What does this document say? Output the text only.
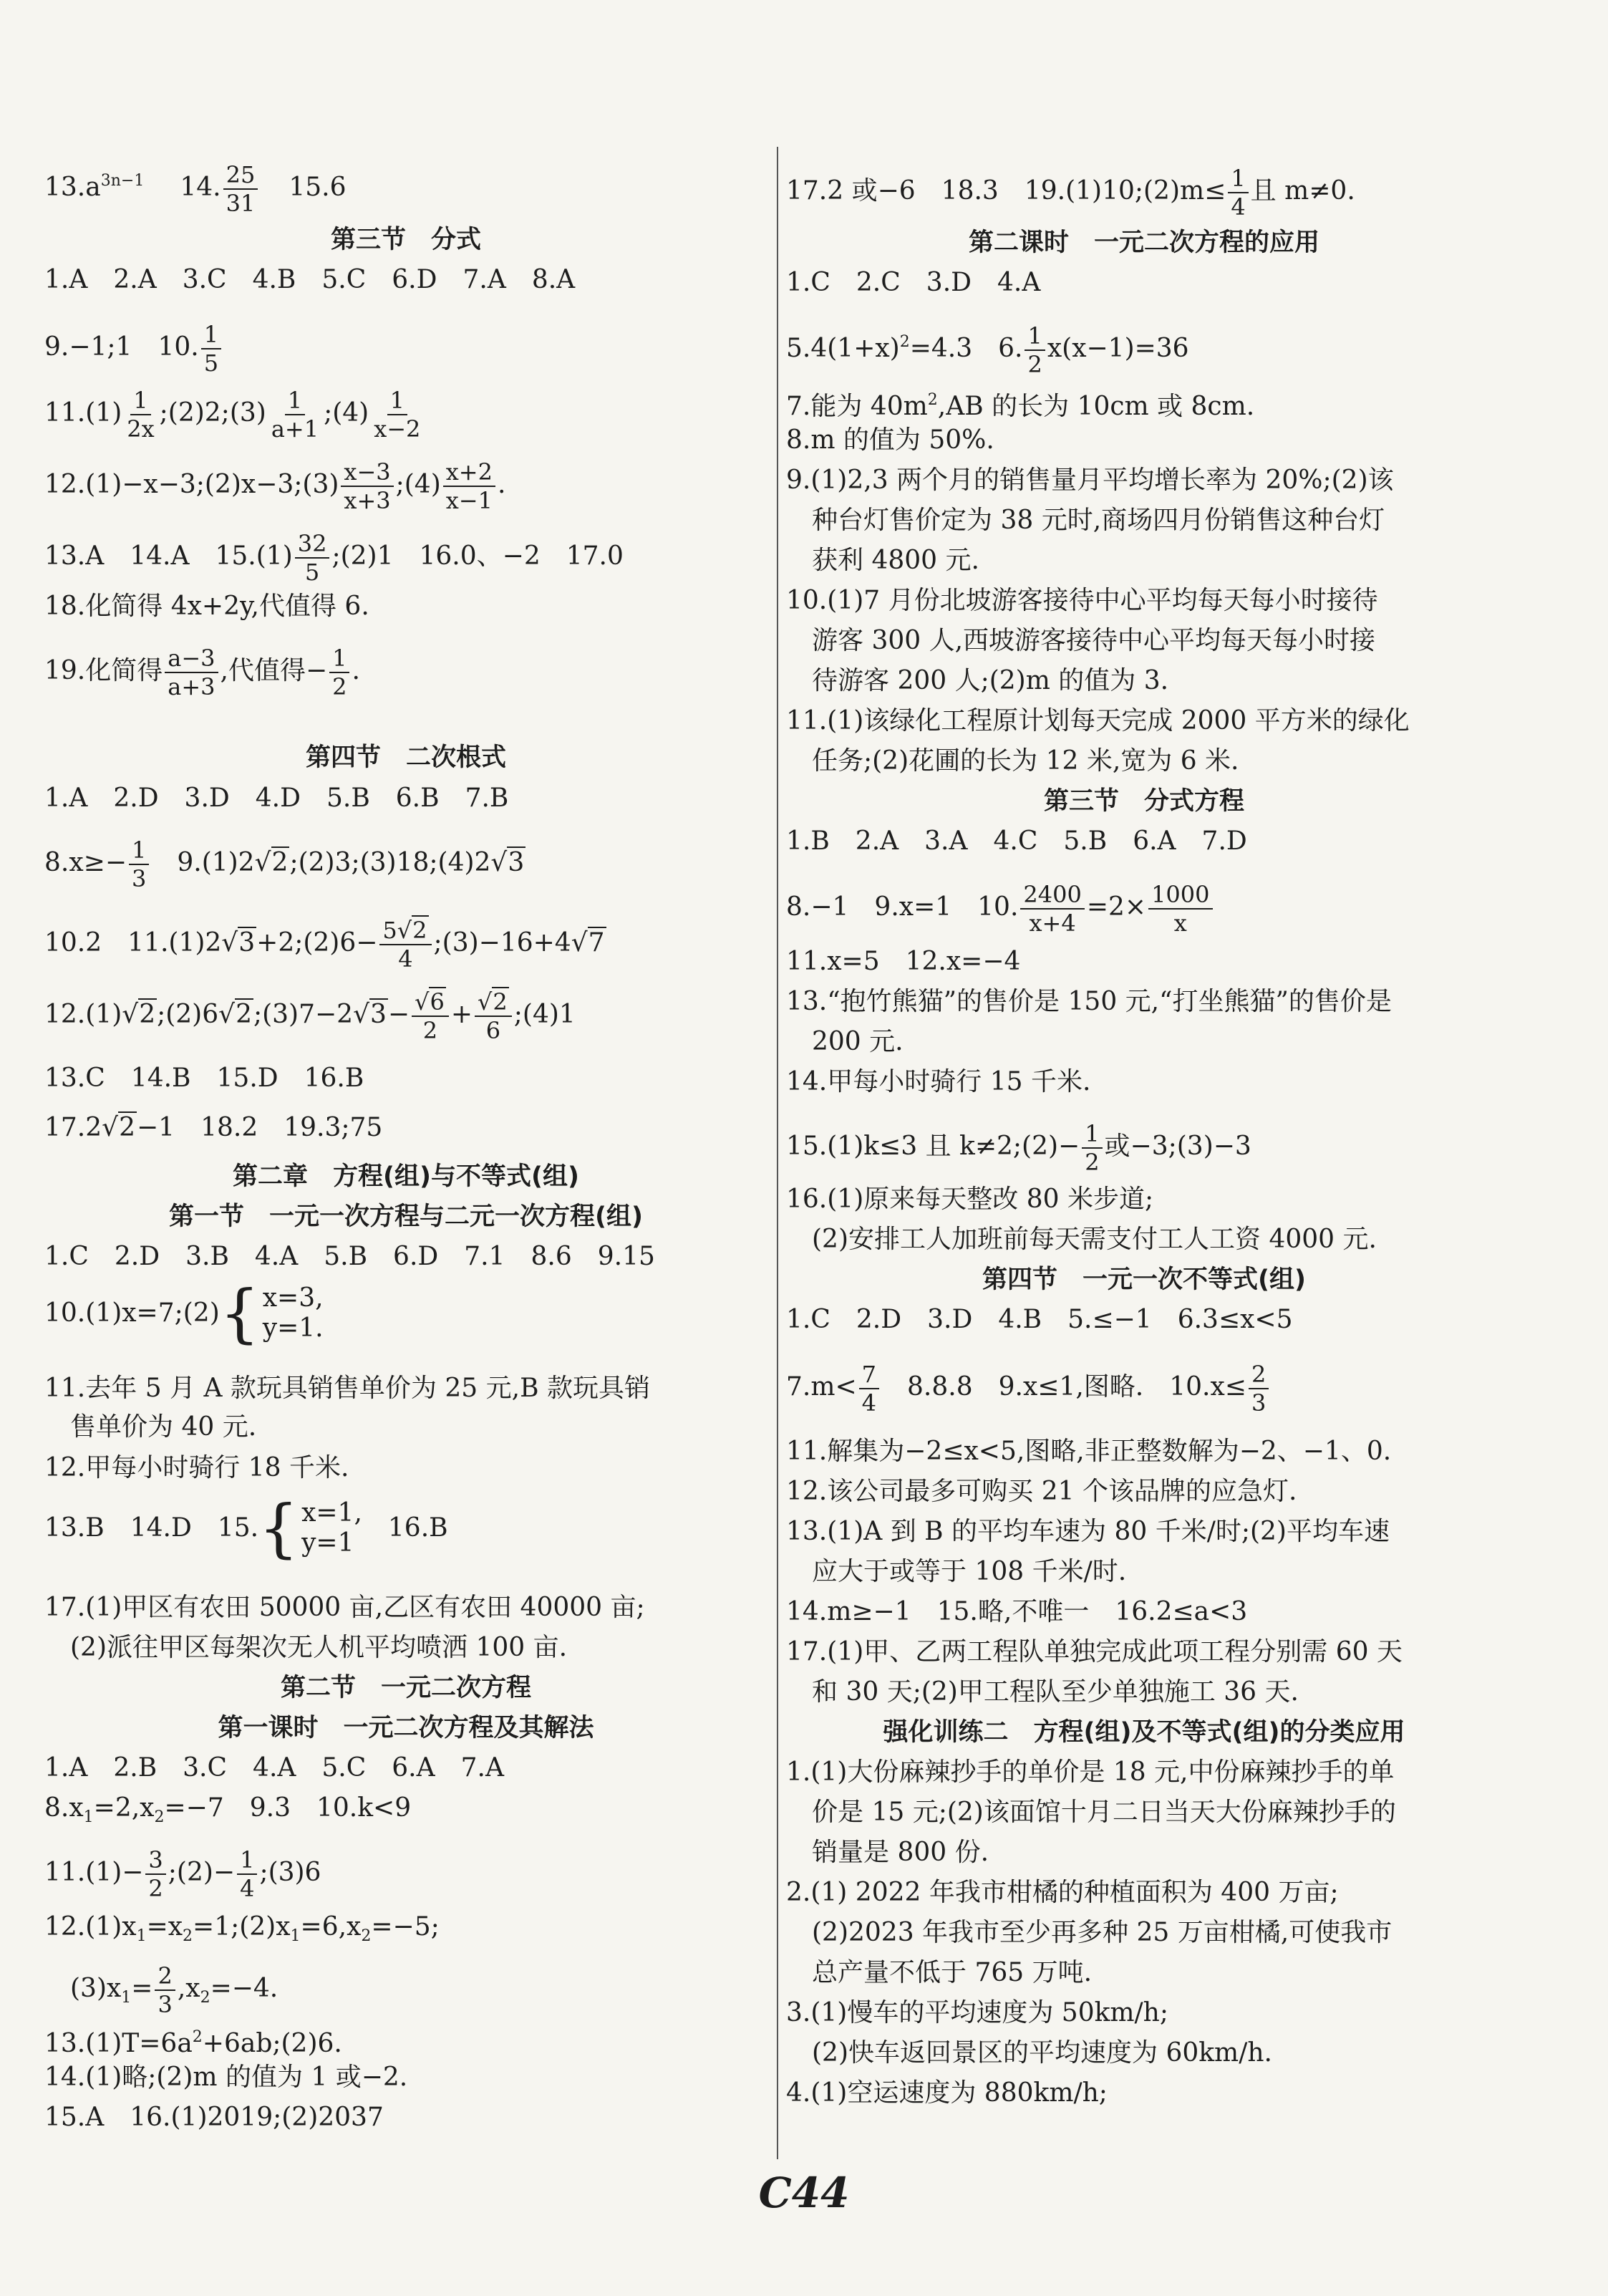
$13.a^{3n-1}$ 14. $\frac{25}{31} 15.6$
第三节　分式
1.A　2.A　3.C　4.B　5.C　6.D　7.A　8.A
9.−1;1　10. $\frac{1}{5}$
$11.(1) \frac{1}{2x}$ ;(2)2;(3) $\frac{1}{a+1}$ ;(4) $\frac{1}{x-2}$
12.(1)−x−3;(2)x−3;(3) $\frac{x-3}{x+3}$ ;(4) $\frac{x+2}{x-1}$ .
13.A　14.A　$15.(1) \frac{32}{5}$ ;(2)1　16.0、−2　17.0
18.化简得 4x+2y,代值得 6.
19.化简得 $\frac{a-3}{a+3}$ ,代值得− $\frac{1}{2}$ .
第四节　二次根式
1.A　2.D　3.D　4.D　5.B　6.B　7.B
$8.x\ge- \frac{1}{3}$ 　9.(1)2√2;(2)3;(3)18;(4)2√3
10.2　11.(1)2√3+2;(2)6− $\frac{5√2}{4}$ ;(3)−16+4√7
12.(1)√2;(2)6√2;(3)7−2√3− $\frac{√6}{2} + \frac{√2}{6}$ ;(4)1
13.C　14.B　15.D　16.B
17.2√2−1　18.2　19.3;75
第二章　方程(组)与不等式(组)
第一节　一元一次方程与二元一次方程(组)
1.C　2.D　3.B　4.A　5.B　6.D　7.1　8.6　9.15
10.(1)x=7;(2) { x=3,
y=1.
11.去年 5 月 A 款玩具销售单价为 25 元,B 款玩具销
售单价为 40 元.
12.甲每小时骑行 18 千米.
13.B　14.D　15. { x=1,
y=1
　16.B
17.(1)甲区有农田 50000 亩,乙区有农田 40000 亩;
(2)派往甲区每架次无人机平均喷洒 100 亩.
第二节　一元二次方程
第一课时　一元二次方程及其解法
1.A　2.B　3.C　4.A　5.C　6.A　7.A
$8.x_1=2,x_2=-7$　9.3　10.k<9
$11.(1)- \frac{3}{2}$ ;(2)− $\frac{1}{4}$ ;(3)6
$12.(1)x_1=x_2=1;(2)x_1=6,x_2=-5$;
$(3)x_1= \frac{2}{3} ,x_2=-4$.
$13.(1)T=6a^2+6ab;(2)6$.
14.(1)略;(2)m 的值为 1 或−2.
15.A　16.(1)2019;(2)2037
17.2 或−6　18.3　19.(1)10;(2)m≤ $\frac{1}{4}$ 且 m≠0.
第二课时　一元二次方程的应用
1.C　2.C　3.D　4.A
$5.4(1+x)^2=4.3$　6. $\frac{1}{2} x(x-1)=36$
7.能为 $40m^2,AB$ 的长为 10cm 或 8cm.
8.m 的值为 50%.
9.(1)2,3 两个月的销售量月平均增长率为 20%;(2)该
种台灯售价定为 38 元时,商场四月份销售这种台灯
获利 4800 元.
10.(1)7 月份北坡游客接待中心平均每天每小时接待
游客 300 人,西坡游客接待中心平均每天每小时接
待游客 200 人;(2)m 的值为 3.
11.(1)该绿化工程原计划每天完成 2000 平方米的绿化
任务;(2)花圃的长为 12 米,宽为 6 米.
第三节　分式方程
1.B　2.A　3.A　4.C　5.B　6.A　7.D
8.−1　9.x=1　10. $\frac{2400}{x+4} =2\times \frac{1000}{x}$
11.x=5　12.x=−4
13.“抱竹熊猫”的售价是 150 元,“打坐熊猫”的售价是
200 元.
14.甲每小时骑行 15 千米.
15.(1)k≤3 且 k≠2;(2)− $\frac{1}{2}$ 或−3;(3)−3
16.(1)原来每天整改 80 米步道;
(2)安排工人加班前每天需支付工人工资 4000 元.
第四节　一元一次不等式(组)
1.C　2.D　3.D　4.B　5.≤−1　6.3≤x<5
$7.m< \frac{7}{4}$ 　8.8.8　9.x≤1,图略.　$10.x\le \frac{2}{3}$
11.解集为−2≤x<5,图略,非正整数解为−2、−1、0.
12.该公司最多可购买 21 个该品牌的应急灯.
13.(1)A 到 B 的平均车速为 80 千米/时;(2)平均车速
应大于或等于 108 千米/时.
14.m≥−1　15.略,不唯一　16.2≤a<3
17.(1)甲、乙两工程队单独完成此项工程分别需 60 天
和 30 天;(2)甲工程队至少单独施工 36 天.
强化训练二　方程(组)及不等式(组)的分类应用
1.(1)大份麻辣抄手的单价是 18 元,中份麻辣抄手的单
价是 15 元;(2)该面馆十月二日当天大份麻辣抄手的
销量是 800 份.
2.(1) 2022 年我市柑橘的种植面积为 400 万亩;
(2)2023 年我市至少再多种 25 万亩柑橘,可使我市
总产量不低于 765 万吨.
3.(1)慢车的平均速度为 50km/h;
(2)快车返回景区的平均速度为 60km/h.
4.(1)空运速度为 880km/h;
C44
